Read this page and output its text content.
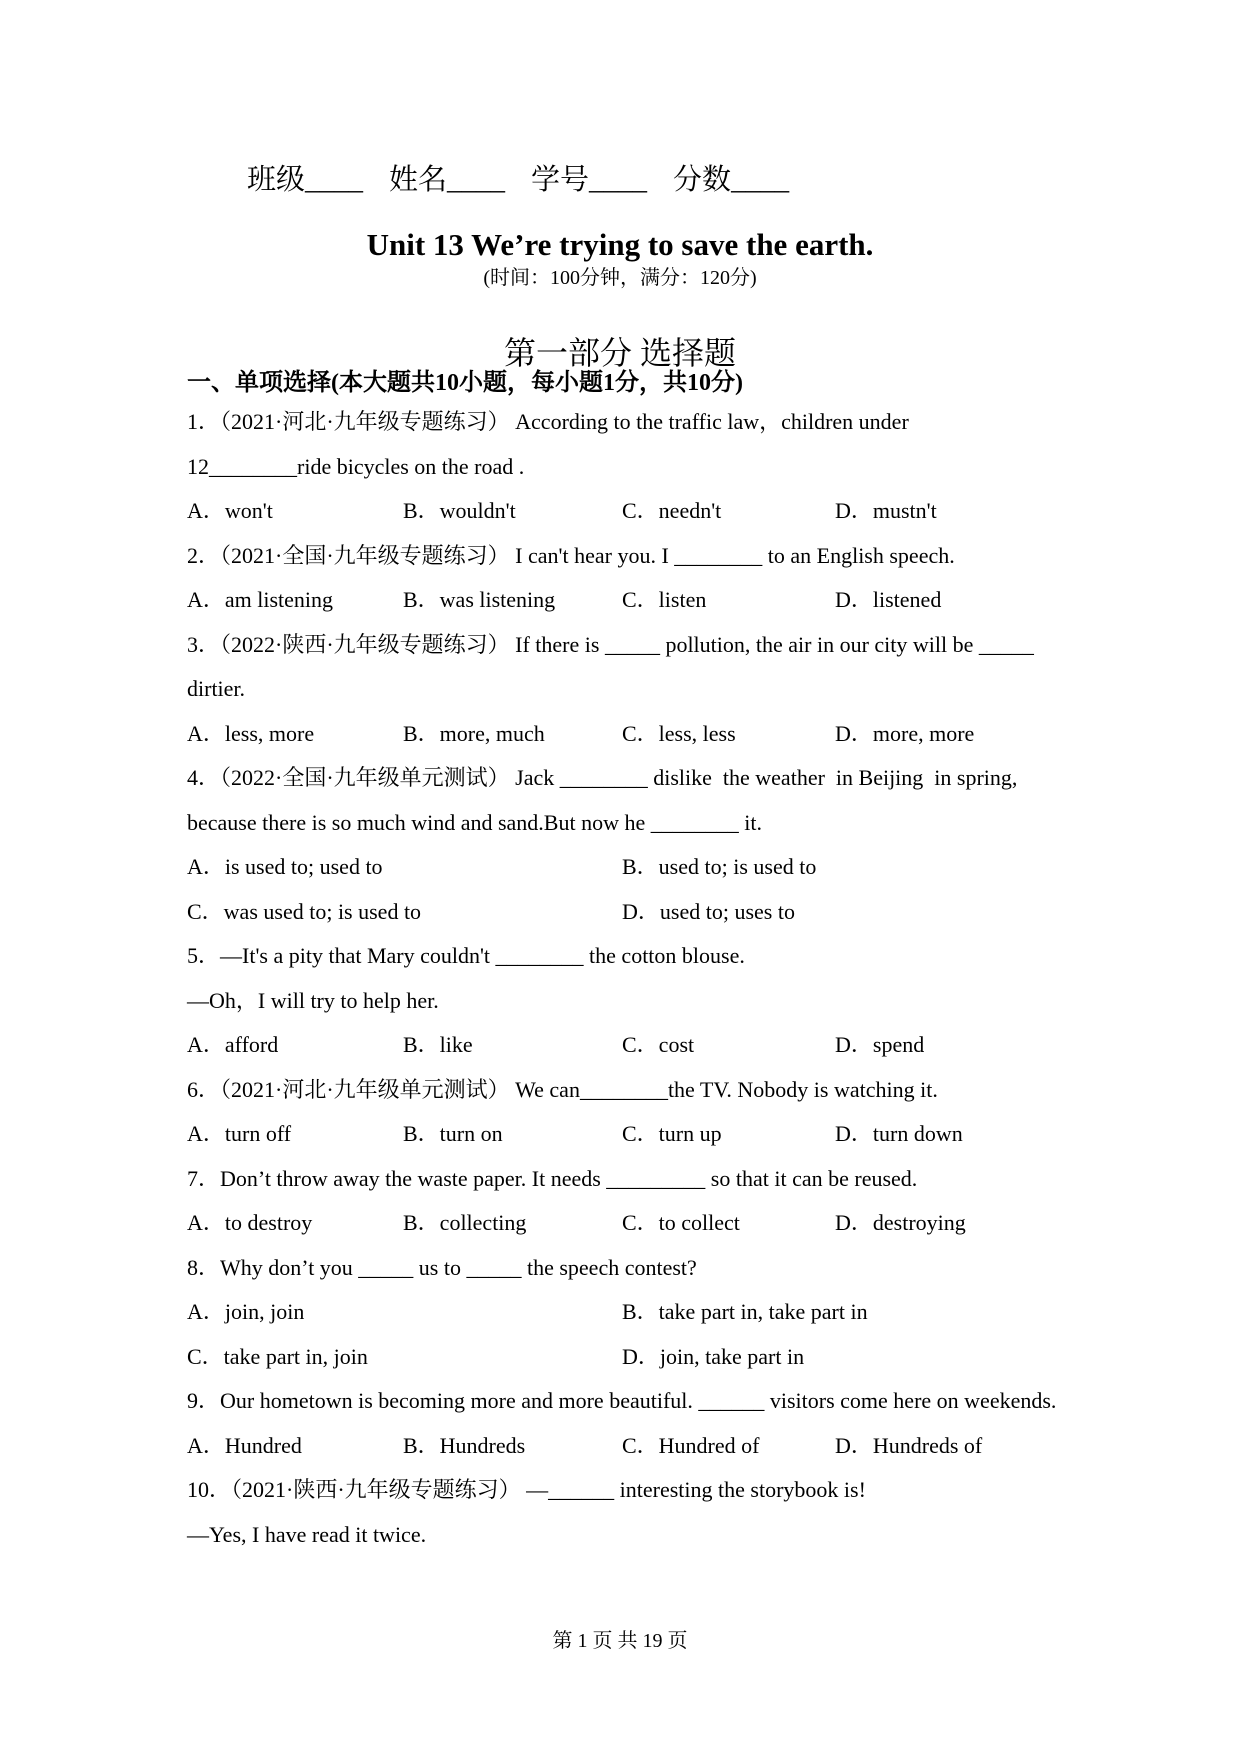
班级____ 姓名____ 学号____ 分数____
Unit 13 We’re trying to save the earth.
(时间：100分钟，满分：120分)
第一部分 选择题
一、单项选择(本大题共10小题，每小题1分，共10分)
1．（2021·河北·九年级专题练习） According to the traffic law，children under
12________ride bicycles on the road .

A．won't

	B．wouldn't

	C．needn't

	D．mustn't

2．（2021·全国·九年级专题练习） I can't hear you. I ________ to an English speech.

A．am listening

	B．was listening

	C．listen

	D．listened

3．（2022·陕西·九年级专题练习） If there is _____ pollution, the air in our city will be _____
dirtier.

A．less, more

	B．more, much

	C．less, less

	D．more, more

4．（2022·全国·九年级单元测试） Jack ________ dislike  the weather  in Beijing  in spring,
because there is so much wind and sand.But now he ________ it.

A．is used to; used to

	B．used to; is used to

C．was used to; is used to

	D．used to; uses to

5．—It's a pity that Mary couldn't ________ the cotton blouse.
—Oh，I will try to help her.

A．afford

	B．like

	C．cost

	D．spend

6．（2021·河北·九年级单元测试） We can________the TV. Nobody is watching it.

A．turn off

	B．turn on

	C．turn up

	D．turn down

7．Don’t throw away the waste paper. It needs _________ so that it can be reused.

A．to destroy

	B．collecting

	C．to collect

	D．destroying

8．Why don’t you _____ us to _____ the speech contest?

A．join, join

	B．take part in, take part in

C．take part in, join

	D．join, take part in

9．Our hometown is becoming more and more beautiful. ______ visitors come here on weekends.

A．Hundred

	B．Hundreds

	C．Hundred of

	D．Hundreds of

10．（2021·陕西·九年级专题练习） —______ interesting the storybook is!
—Yes, I have read it twice.
第 1 页 共 19 页
